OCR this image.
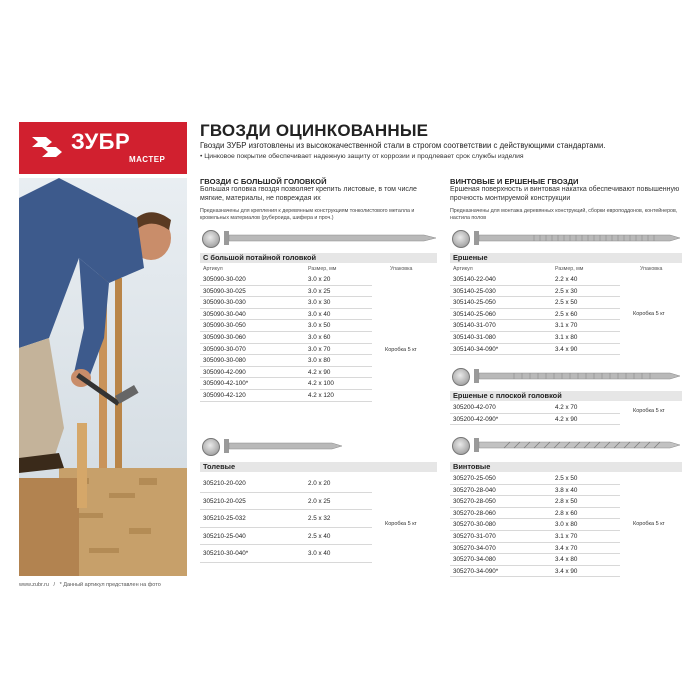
ЗУБР
МАСТЕР
ГВОЗДИ ОЦИНКОВАННЫЕ
Гвозди ЗУБР изготовлены из высококачественной стали в строгом соответствии с действующими стандартами.
• Цинковое покрытие обеспечивает надежную защиту от коррозии и продлевает срок службы изделия
www.zubr.ru / * Данный артикул представлен на фото
ГВОЗДИ С БОЛЬШОЙ ГОЛОВКОЙ
Большая головка гвоздя позволяет крепить листовые, в том числе мягкие, материалы, не повреждая их
Предназначены для крепления к деревянным конструкциям тонколистового металла и кровельных материалов (рубероида, шифера и проч.)
С большой потайной головкой
Артикул	Размер, мм	Упаковка
305090-30-020	3.0 x 20
305090-30-025	3.0 x 25
305090-30-030	3.0 x 30
305090-30-040	3.0 x 40
305090-30-050	3.0 x 50
305090-30-060	3.0 x 60
305090-30-070	3.0 x 70
305090-30-080	3.0 x 80
305090-42-090	4.2 x 90
305090-42-100*	4.2 x 100
305090-42-120	4.2 x 120
Коробка 5 кг
Толевые
305210-20-020	2.0 x 20
305210-20-025	2.0 x 25
305210-25-032	2.5 x 32
305210-25-040	2.5 x 40
305210-30-040*	3.0 x 40
Коробка 5 кг
ВИНТОВЫЕ И ЕРШЕНЫЕ ГВОЗДИ
Ершеная поверхность и винтовая накатка обеспечивают повышенную прочность монтируемой конструкции
Предназначены для монтажа деревянных конструкций, сборки европоддонов, контейнеров, настила полов
Ершеные
Артикул	Размер, мм	Упаковка
305140-22-040	2.2 x 40
305140-25-030	2.5 x 30
305140-25-050	2.5 x 50
305140-25-060	2.5 x 60
305140-31-070	3.1 x 70
305140-31-080	3.1 x 80
305140-34-090*	3.4 x 90
Коробка 5 кг
Ершеные с плоской головкой
305200-42-070	4.2 x 70
305200-42-090*	4.2 x 90
Коробка 5 кг
Винтовые
305270-25-050	2.5 x 50
305270-28-040	3.8 x 40
305270-28-050	2.8 x 50
305270-28-060	2.8 x 60
305270-30-080	3.0 x 80
305270-31-070	3.1 x 70
305270-34-070	3.4 x 70
305270-34-080	3.4 x 80
305270-34-090*	3.4 x 90
Коробка 5 кг
